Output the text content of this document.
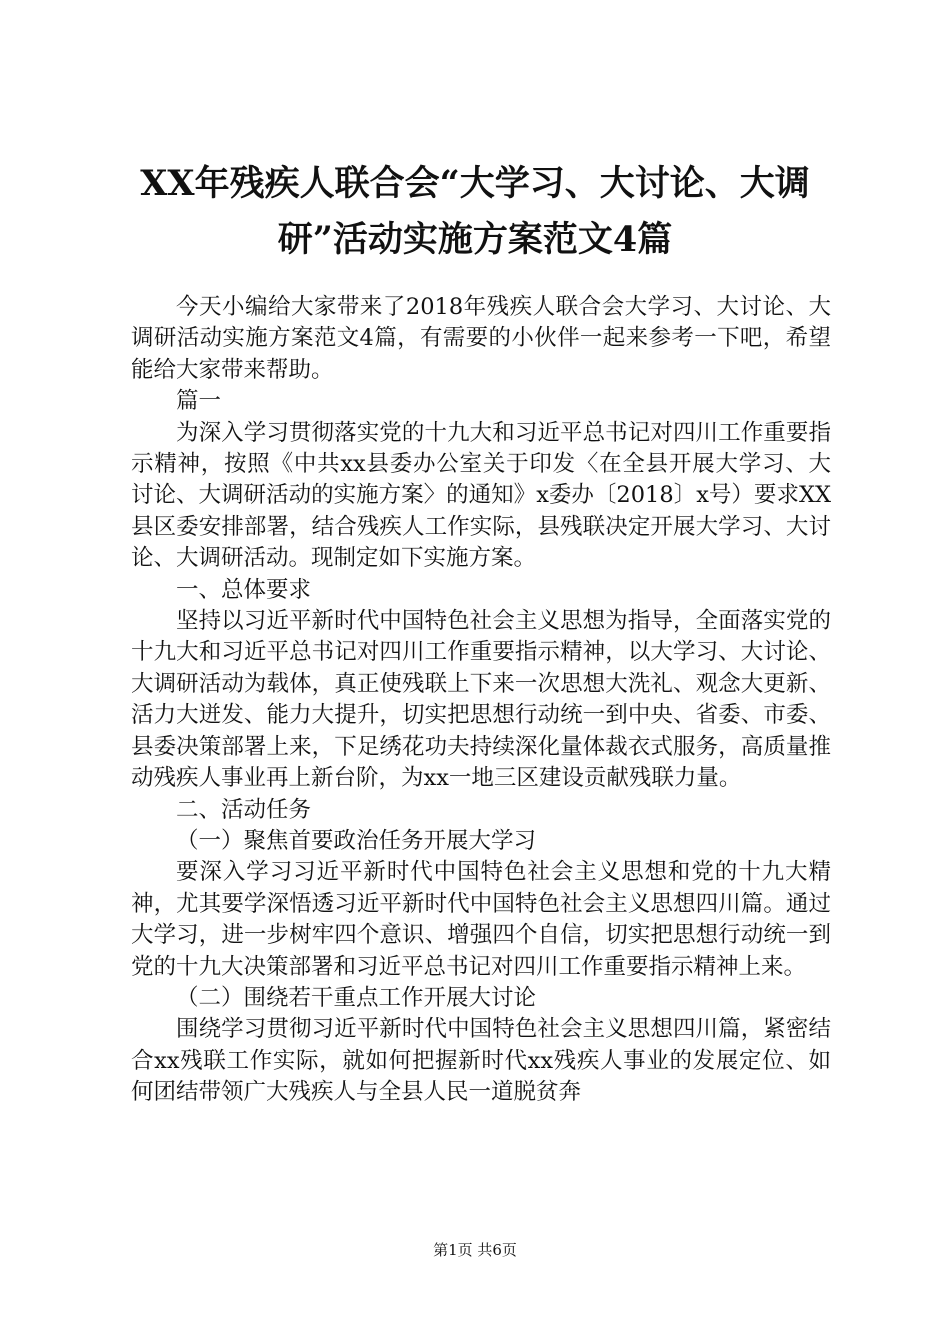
XX年残疾人联合会“大学习、大讨论、大调
研”活动实施方案范文4篇

今天小编给大家带来了2018年残疾人联合会大学习、大讨论、大调研活动实施方案范文4篇，有需要的小伙伴一起来参考一下吧，希望能给大家带来帮助。

篇一

为深入学习贯彻落实党的十九大和习近平总书记对四川工作重要指示精神，按照《中共xx县委办公室关于印发〈在全县开展大学习、大讨论、大调研活动的实施方案〉的通知》x委办〔2018〕x号）要求XX县区委安排部署，结合残疾人工作实际，县残联决定开展大学习、大讨论、大调研活动。现制定如下实施方案。

一、总体要求

坚持以习近平新时代中国特色社会主义思想为指导，全面落实党的十九大和习近平总书记对四川工作重要指示精神，以大学习、大讨论、大调研活动为载体，真正使残联上下来一次思想大洗礼、观念大更新、活力大迸发、能力大提升，切实把思想行动统一到中央、省委、市委、县委决策部署上来，下足绣花功夫持续深化量体裁衣式服务，高质量推动残疾人事业再上新台阶，为xx一地三区建设贡献残联力量。

二、活动任务

（一）聚焦首要政治任务开展大学习

要深入学习习近平新时代中国特色社会主义思想和党的十九大精神，尤其要学深悟透习近平新时代中国特色社会主义思想四川篇。通过大学习，进一步树牢四个意识、增强四个自信，切实把思想行动统一到党的十九大决策部署和习近平总书记对四川工作重要指示精神上来。

（二）围绕若干重点工作开展大讨论

围绕学习贯彻习近平新时代中国特色社会主义思想四川篇，紧密结合xx残联工作实际，就如何把握新时代xx残疾人事业的发展定位、如何团结带领广大残疾人与全县人民一道脱贫奔

第1页 共6页
